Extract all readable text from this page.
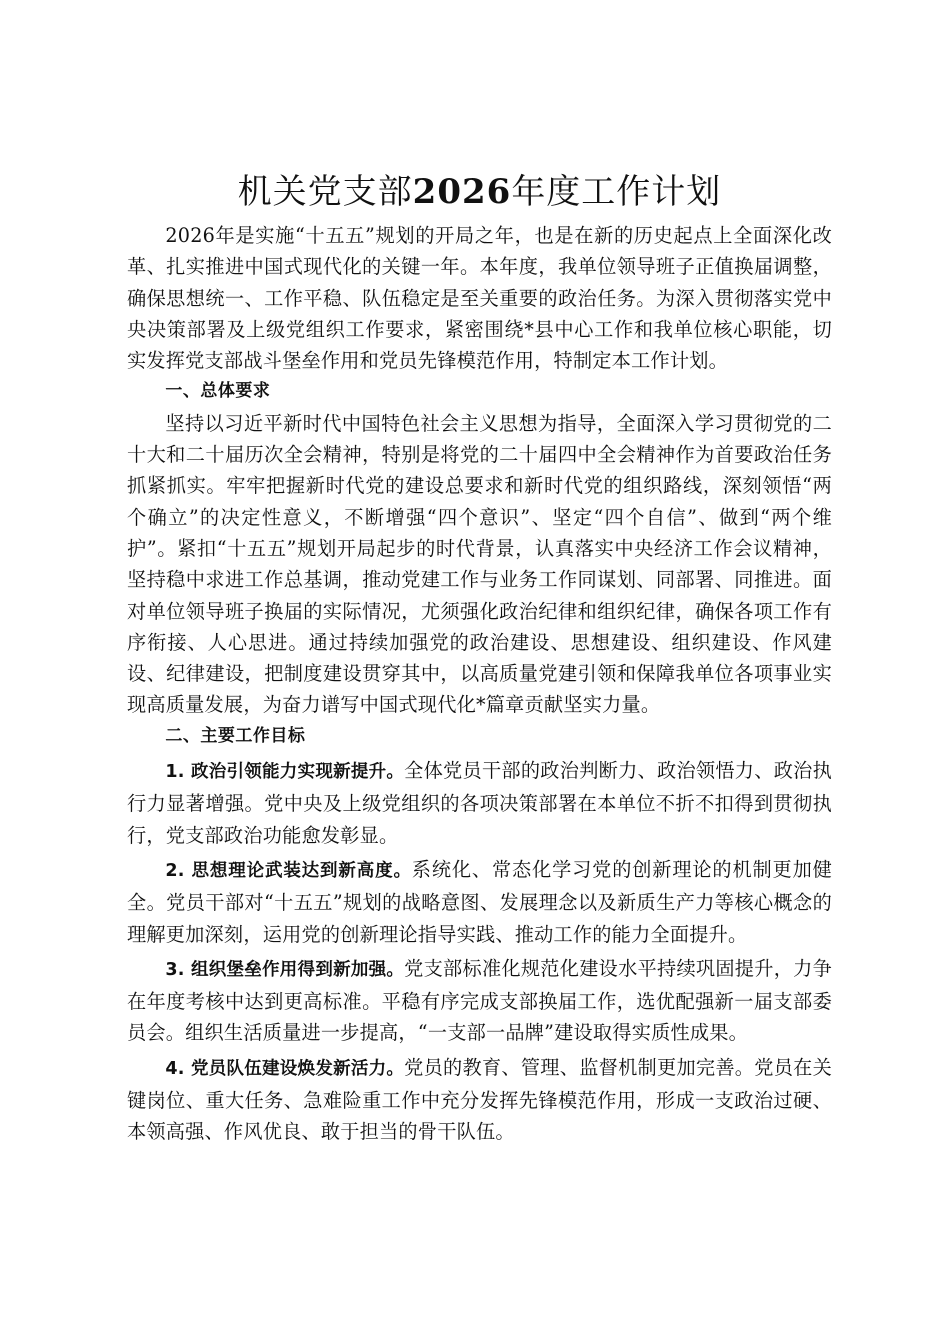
机关党支部2026年度工作计划

2026年是实施“十五五”规划的开局之年，也是在新的历史起点上全面深化改革、扎实推进中国式现代化的关键一年。本年度，我单位领导班子正值换届调整，确保思想统一、工作平稳、队伍稳定是至关重要的政治任务。为深入贯彻落实党中央决策部署及上级党组织工作要求，紧密围绕*县中心工作和我单位核心职能，切实发挥党支部战斗堡垒作用和党员先锋模范作用，特制定本工作计划。

一、总体要求

坚持以习近平新时代中国特色社会主义思想为指导，全面深入学习贯彻党的二十大和二十届历次全会精神，特别是将党的二十届四中全会精神作为首要政治任务抓紧抓实。牢牢把握新时代党的建设总要求和新时代党的组织路线，深刻领悟“两个确立”的决定性意义，不断增强“四个意识”、坚定“四个自信”、做到“两个维护”。紧扣“十五五”规划开局起步的时代背景，认真落实中央经济工作会议精神，坚持稳中求进工作总基调，推动党建工作与业务工作同谋划、同部署、同推进。面对单位领导班子换届的实际情况，尤须强化政治纪律和组织纪律，确保各项工作有序衔接、人心思进。通过持续加强党的政治建设、思想建设、组织建设、作风建设、纪律建设，把制度建设贯穿其中，以高质量党建引领和保障我单位各项事业实现高质量发展，为奋力谱写中国式现代化*篇章贡献坚实力量。

二、主要工作目标

1. 政治引领能力实现新提升。全体党员干部的政治判断力、政治领悟力、政治执行力显著增强。党中央及上级党组织的各项决策部署在本单位不折不扣得到贯彻执行，党支部政治功能愈发彰显。

2. 思想理论武装达到新高度。系统化、常态化学习党的创新理论的机制更加健全。党员干部对“十五五”规划的战略意图、发展理念以及新质生产力等核心概念的理解更加深刻，运用党的创新理论指导实践、推动工作的能力全面提升。

3. 组织堡垒作用得到新加强。党支部标准化规范化建设水平持续巩固提升，力争在年度考核中达到更高标准。平稳有序完成支部换届工作，选优配强新一届支部委员会。组织生活质量进一步提高，“一支部一品牌”建设取得实质性成果。

4. 党员队伍建设焕发新活力。党员的教育、管理、监督机制更加完善。党员在关键岗位、重大任务、急难险重工作中充分发挥先锋模范作用，形成一支政治过硬、本领高强、作风优良、敢于担当的骨干队伍。
